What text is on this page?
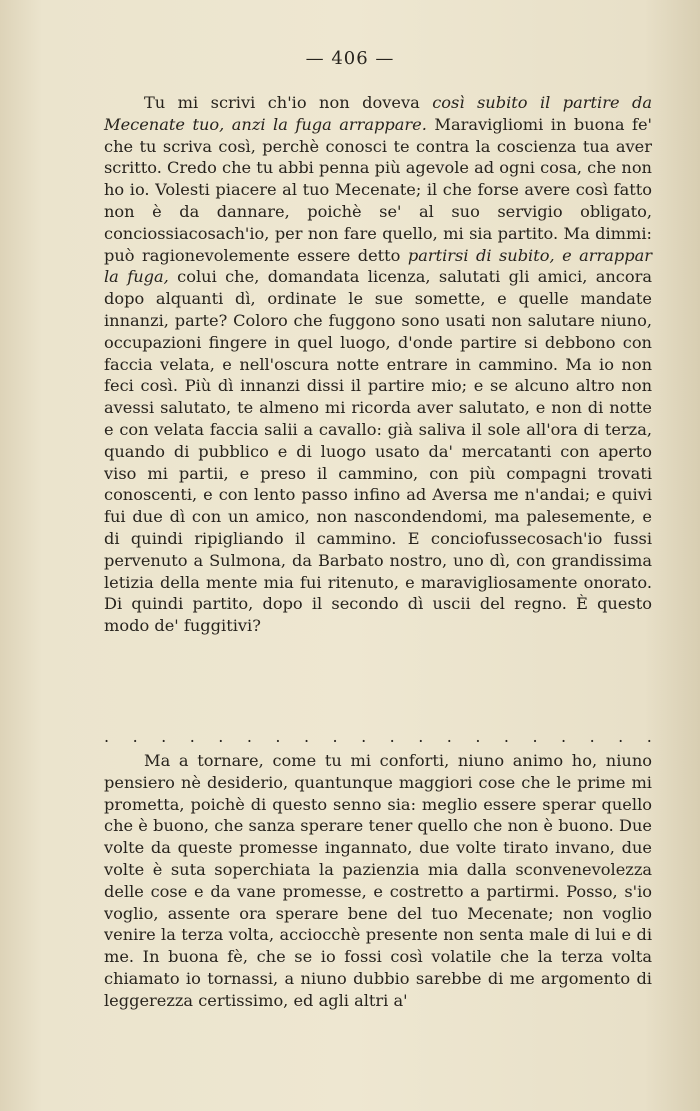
— 406 —

Tu mi scrivi ch'io non doveva così subito il partire da Mecenate tuo, anzi la fuga arrappare. Maravigliomi in buona fe' che tu scriva così, perchè conosci te contra la coscienza tua aver scritto. Credo che tu abbi penna più agevole ad ogni cosa, che non ho io. Volesti piacere al tuo Mecenate; il che forse avere così fatto non è da dannare, poichè se' al suo servigio obligato, conciossiacosach'io, per non fare quello, mi sia partito. Ma dimmi: può ragionevolemente essere detto partirsi di subito, e arrappar la fuga, colui che, domandata licenza, salutati gli amici, ancora dopo alquanti dì, ordinate le sue somette, e quelle mandate innanzi, parte? Coloro che fuggono sono usati non salutare niuno, occupazioni fingere in quel luogo, d'onde partire si debbono con faccia velata, e nell'oscura notte entrare in cammino. Ma io non feci così. Più dì innanzi dissi il partire mio; e se alcuno altro non avessi salutato, te almeno mi ricorda aver salutato, e non di notte e con velata faccia salii a cavallo: già saliva il sole all'ora di terza, quando di pubblico e di luogo usato da' mercatanti con aperto viso mi partii, e preso il cammino, con più compagni trovati conoscenti, e con lento passo infino ad Aversa me n'andai; e quivi fui due dì con un amico, non nascondendomi, ma palesemente, e di quindi ripigliando il cammino. E conciofussecosach'io fussi pervenuto a Sulmona, da Barbato nostro, uno dì, con grandissima letizia della mente mia fui ritenuto, e maravigliosamente onorato. Di quindi partito, dopo il secondo dì uscii del regno. È questo modo de' fuggitivi?

. . . . . . . . . . . . . . . . . . . .

Ma a tornare, come tu mi conforti, niuno animo ho, niuno pensiero nè desiderio, quantunque maggiori cose che le prime mi prometta, poichè di questo senno sia: meglio essere sperar quello che è buono, che sanza sperare tener quello che non è buono. Due volte da queste promesse ingannato, due volte tirato invano, due volte è suta soperchiata la pazienzia mia dalla sconvenevolezza delle cose e da vane promesse, e costretto a partirmi. Posso, s'io voglio, assente ora sperare bene del tuo Mecenate; non voglio venire la terza volta, acciocchè presente non senta male di lui e di me. In buona fè, che se io fossi così volatile che la terza volta chiamato io tornassi, a niuno dubbio sarebbe di me argomento di leggerezza certissimo, ed agli altri a'
